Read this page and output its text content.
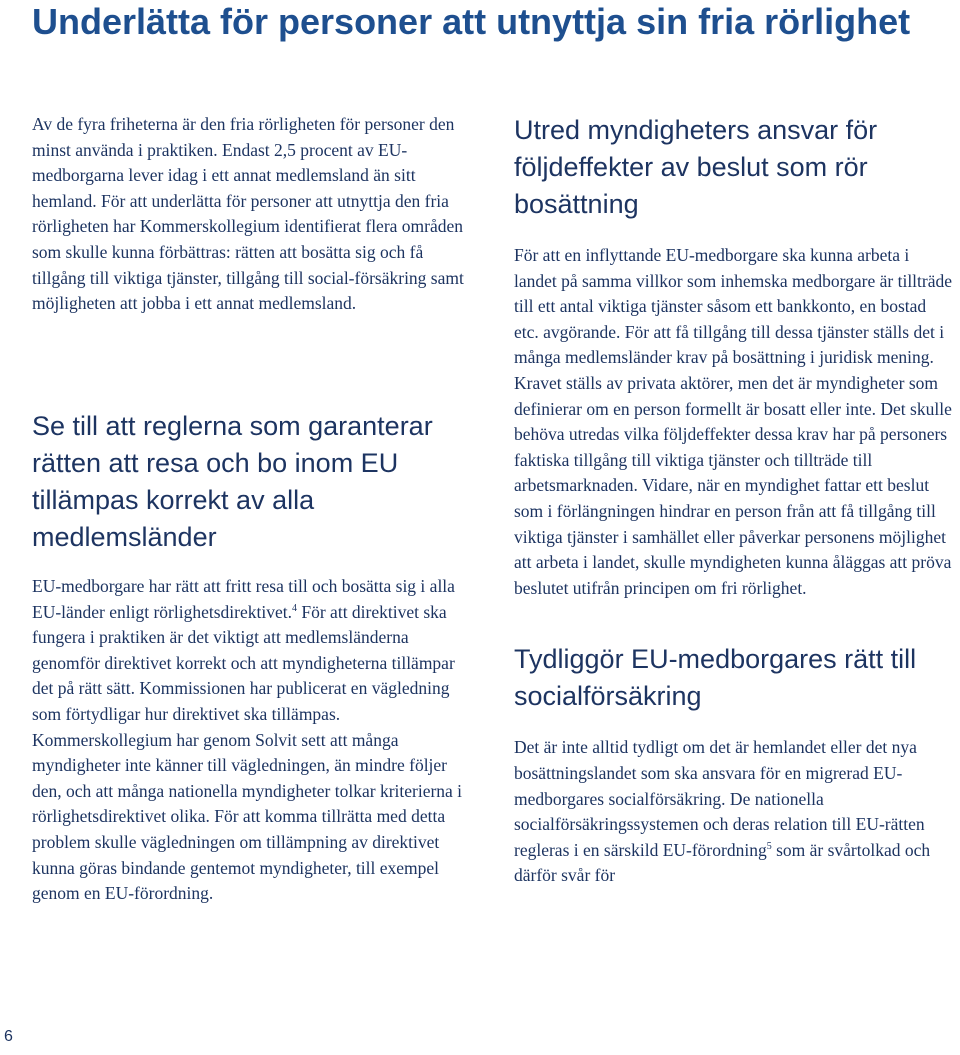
Underlätta för personer att utnyttja sin fria rörlighet

Av de fyra friheterna är den fria rörligheten för personer den minst använda i praktiken. Endast 2,5 procent av EU-medborgarna lever idag i ett annat medlemsland än sitt hemland. För att underlätta för personer att utnyttja den fria rörligheten har Kommerskollegium identifierat flera områden som skulle kunna förbättras: rätten att bosätta sig och få tillgång till viktiga tjänster, tillgång till social-försäkring samt möjligheten att jobba i ett annat medlemsland.

Se till att reglerna som garanterar rätten att resa och bo inom EU tillämpas korrekt av alla medlemsländer

EU-medborgare har rätt att fritt resa till och bosätta sig i alla EU-länder enligt rörlighetsdirektivet.$^4$ För att direktivet ska fungera i praktiken är det viktigt att medlemsländerna genomför direktivet korrekt och att myndigheterna tillämpar det på rätt sätt. Kommissionen har publicerat en vägledning som förtydligar hur direktivet ska tillämpas. Kommerskollegium har genom Solvit sett att många myndigheter inte känner till vägledningen, än mindre följer den, och att många nationella myndigheter tolkar kriterierna i rörlighetsdirektivet olika. För att komma tillrätta med detta problem skulle vägledningen om tillämpning av direktivet kunna göras bindande gentemot myndigheter, till exempel genom en EU-förordning.

Utred myndigheters ansvar för följdeffekter av beslut som rör bosättning

För att en inflyttande EU-medborgare ska kunna arbeta i landet på samma villkor som inhemska medborgare är tillträde till ett antal viktiga tjänster såsom ett bankkonto, en bostad etc. avgörande. För att få tillgång till dessa tjänster ställs det i många medlemsländer krav på bosättning i juridisk mening. Kravet ställs av privata aktörer, men det är myndigheter som definierar om en person formellt är bosatt eller inte. Det skulle behöva utredas vilka följdeffekter dessa krav har på personers faktiska tillgång till viktiga tjänster och tillträde till arbetsmarknaden. Vidare, när en myndighet fattar ett beslut som i förlängningen hindrar en person från att få tillgång till viktiga tjänster i samhället eller påverkar personens möjlighet att arbeta i landet, skulle myndigheten kunna åläggas att pröva beslutet utifrån principen om fri rörlighet.

Tydliggör EU-medborgares rätt till socialförsäkring

Det är inte alltid tydligt om det är hemlandet eller det nya bosättningslandet som ska ansvara för en migrerad EU-medborgares socialförsäkring. De nationella socialförsäkringssystemen och deras relation till EU-rätten regleras i en särskild EU-förordning$^5$ som är svårtolkad och därför svår för

6
